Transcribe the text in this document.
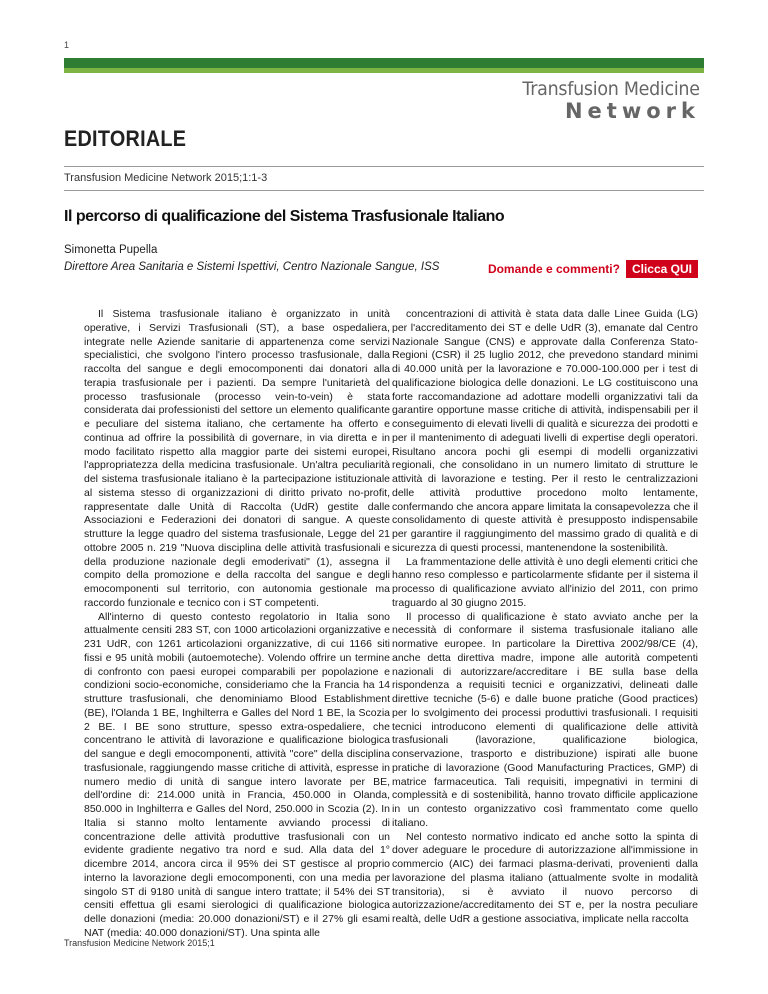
1
Transfusion Medicine
Network
EDITORIALE
Transfusion Medicine Network 2015;1:1-3
Il percorso di qualificazione del Sistema Trasfusionale Italiano
Simonetta Pupella
Direttore Area Sanitaria e Sistemi Ispettivi, Centro Nazionale Sangue, ISS	Domande e commenti?	Clicca QUI

Il Sistema trasfusionale italiano è organizzato in unità operative, i Servizi Trasfusionali (ST), a base ospedaliera, integrate nelle Aziende sanitarie di appartenenza come servizi specialistici, che svolgono l'intero processo trasfusionale, dalla raccolta del sangue e degli emocomponenti dai donatori alla terapia trasfusionale per i pazienti. Da sempre l'unitarietà del processo trasfusionale (processo vein-to-vein) è stata considerata dai professionisti del settore un elemento qualificante e peculiare del sistema italiano, che certamente ha offerto e continua ad offrire la possibilità di governare, in via diretta e in modo facilitato rispetto alla maggior parte dei sistemi europei, l'appropriatezza della medicina trasfusionale. Un'altra peculiarità del sistema trasfusionale italiano è la partecipazione istituzionale al sistema stesso di organizzazioni di diritto privato no-profit, rappresentate dalle Unità di Raccolta (UdR) gestite dalle Associazioni e Federazioni dei donatori di sangue. A queste strutture la legge quadro del sistema trasfusionale, Legge del 21 ottobre 2005 n. 219 "Nuova disciplina delle attività trasfusionali e della produzione nazionale degli emoderivati" (1), assegna il compito della promozione e della raccolta del sangue e degli emocomponenti sul territorio, con autonomia gestionale ma raccordo funzionale e tecnico con i ST competenti.

All'interno di questo contesto regolatorio in Italia sono attualmente censiti 283 ST, con 1000 articolazioni organizzative e 231 UdR, con 1261 articolazioni organizzative, di cui 1166 siti fissi e 95 unità mobili (autoemoteche). Volendo offrire un termine di confronto con paesi europei comparabili per popolazione e condizioni socio-economiche, consideriamo che la Francia ha 14 strutture trasfusionali, che denominiamo Blood Establishment (BE), l'Olanda 1 BE, Inghilterra e Galles del Nord 1 BE, la Scozia 2 BE. I BE sono strutture, spesso extra-ospedaliere, che concentrano le attività di lavorazione e qualificazione biologica del sangue e degli emocomponenti, attività "core" della disciplina trasfusionale, raggiungendo masse critiche di attività, espresse in numero medio di unità di sangue intero lavorate per BE, dell'ordine di: 214.000 unità in Francia, 450.000 in Olanda, 850.000 in Inghilterra e Galles del Nord, 250.000 in Scozia (2). In Italia si stanno molto lentamente avviando processi di concentrazione delle attività produttive trasfusionali con un evidente gradiente negativo tra nord e sud. Alla data del 1° dicembre 2014, ancora circa il 95% dei ST gestisce al proprio interno la lavorazione degli emocomponenti, con una media per singolo ST di 9180 unità di sangue intero trattate; il 54% dei ST censiti effettua gli esami sierologici di qualificazione biologica delle donazioni (media: 20.000 donazioni/ST) e il 27% gli esami NAT (media: 40.000 donazioni/ST). Una spinta alle

concentrazioni di attività è stata data dalle Linee Guida (LG) per l'accreditamento dei ST e delle UdR (3), emanate dal Centro Nazionale Sangue (CNS) e approvate dalla Conferenza Stato-Regioni (CSR) il 25 luglio 2012, che prevedono standard minimi di 40.000 unità per la lavorazione e 70.000-100.000 per i test di qualificazione biologica delle donazioni. Le LG costituiscono una forte raccomandazione ad adottare modelli organizzativi tali da garantire opportune masse critiche di attività, indispensabili per il conseguimento di elevati livelli di qualità e sicurezza dei prodotti e per il mantenimento di adeguati livelli di expertise degli operatori. Risultano ancora pochi gli esempi di modelli organizzativi regionali, che consolidano in un numero limitato di strutture le attività di lavorazione e testing. Per il resto le centralizzazioni delle attività produttive procedono molto lentamente, confermando che ancora appare limitata la consapevolezza che il consolidamento di queste attività è presupposto indispensabile per garantire il raggiungimento del massimo grado di qualità e di sicurezza di questi processi, mantenendone la sostenibilità.

La frammentazione delle attività è uno degli elementi critici che hanno reso complesso e particolarmente sfidante per il sistema il processo di qualificazione avviato all'inizio del 2011, con primo traguardo al 30 giugno 2015.

Il processo di qualificazione è stato avviato anche per la necessità di conformare il sistema trasfusionale italiano alle normative europee. In particolare la Direttiva 2002/98/CE (4), anche detta direttiva madre, impone alle autorità competenti nazionali di autorizzare/accreditare i BE sulla base della rispondenza a requisiti tecnici e organizzativi, delineati dalle direttive tecniche (5-6) e dalle buone pratiche (Good practices) per lo svolgimento dei processi produttivi trasfusionali. I requisiti tecnici introducono elementi di qualificazione delle attività trasfusionali (lavorazione, qualificazione biologica, conservazione, trasporto e distribuzione) ispirati alle buone pratiche di lavorazione (Good Manufacturing Practices, GMP) di matrice farmaceutica. Tali requisiti, impegnativi in termini di complessità e di sostenibilità, hanno trovato difficile applicazione in un contesto organizzativo così frammentato come quello italiano.

Nel contesto normativo indicato ed anche sotto la spinta di dover adeguare le procedure di autorizzazione all'immissione in commercio (AIC) dei farmaci plasma-derivati, provenienti dalla lavorazione del plasma italiano (attualmente svolte in modalità transitoria), si è avviato il nuovo percorso di autorizzazione/accreditamento dei ST e, per la nostra peculiare realtà, delle UdR a gestione associativa, implicate nella raccolta

Transfusion Medicine Network 2015;1
